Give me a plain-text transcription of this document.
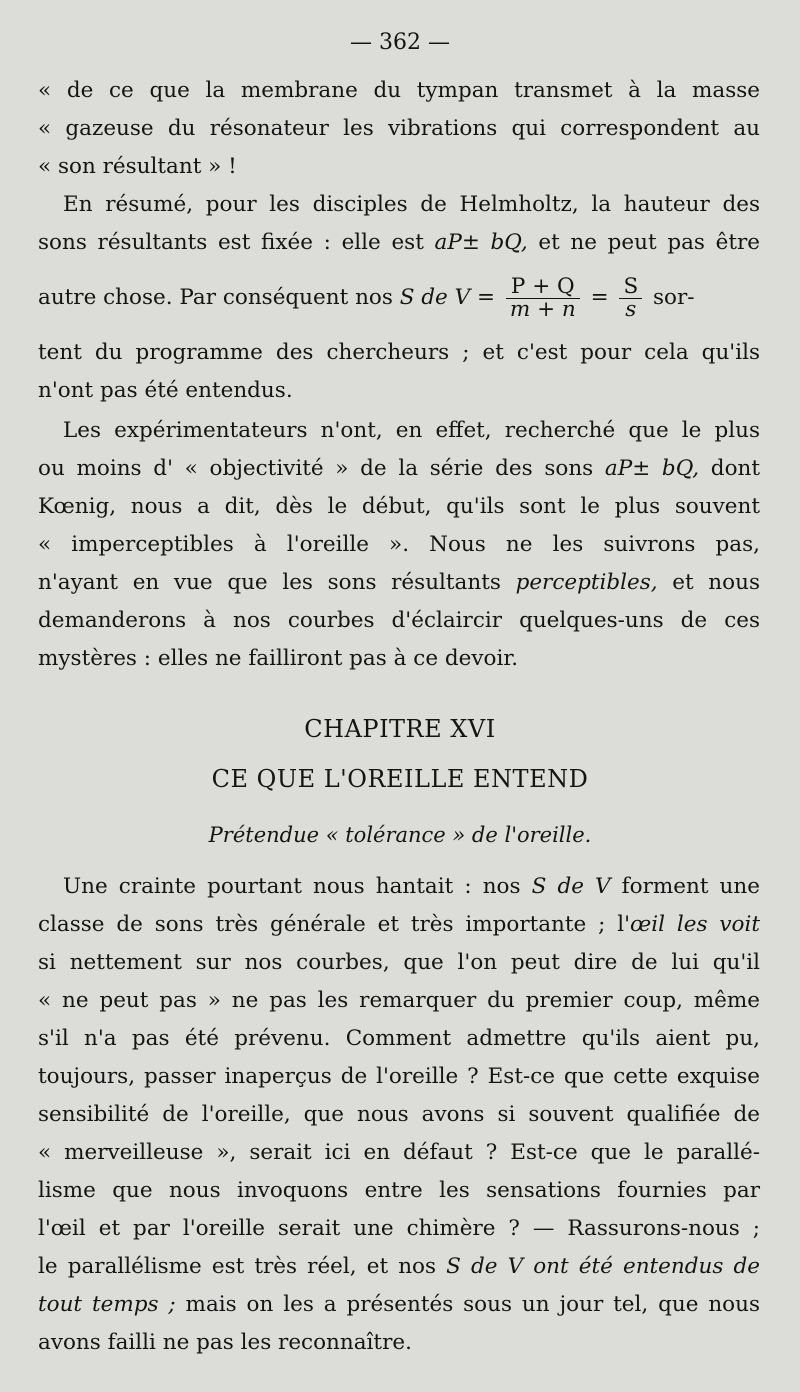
— 362 —
« de ce que la membrane du tympan transmet à la masse
« gazeuse du résonateur les vibrations qui correspondent au
« son résultant » !
En résumé, pour les disciples de Helmholtz, la hauteur des
sons résultants est fixée : elle est aP± bQ, et ne peut pas être
autre chose. Par conséquent nos S de $V = \frac{P + Q}{m + n} = \frac{S}{s} sor-$
tent du programme des chercheurs ; et c'est pour cela qu'ils
n'ont pas été entendus.
Les expérimentateurs n'ont, en effet, recherché que le plus
ou moins d' « objectivité » de la série des sons aP± bQ, dont
Kœnig, nous a dit, dès le début, qu'ils sont le plus souvent
« imperceptibles à l'oreille ». Nous ne les suivrons pas,
n'ayant en vue que les sons résultants perceptibles, et nous
demanderons à nos courbes d'éclaircir quelques-uns de ces
mystères : elles ne failliront pas à ce devoir.
CHAPITRE XVI
CE QUE L'OREILLE ENTEND
Prétendue « tolérance » de l'oreille.
Une crainte pourtant nous hantait : nos S de V forment une
classe de sons très générale et très importante ; l'œil les voit
si nettement sur nos courbes, que l'on peut dire de lui qu'il
« ne peut pas » ne pas les remarquer du premier coup, même
s'il n'a pas été prévenu. Comment admettre qu'ils aient pu,
toujours, passer inaperçus de l'oreille ? Est-ce que cette exquise
sensibilité de l'oreille, que nous avons si souvent qualifiée de
« merveilleuse », serait ici en défaut ? Est-ce que le parallé-
lisme que nous invoquons entre les sensations fournies par
l'œil et par l'oreille serait une chimère ? — Rassurons-nous ;
le parallélisme est très réel, et nos S de V ont été entendus de
tout temps ; mais on les a présentés sous un jour tel, que nous
avons failli ne pas les reconnaître.
